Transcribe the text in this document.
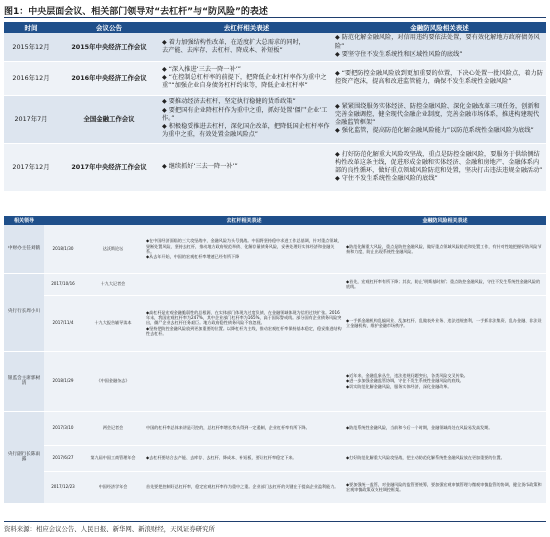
图1：中央层面会议、相关部门领导对“去杠杆”与“防风险”的表述
时间	会议公告	去杠杆相关表述	金融防风险相关表述
2015年12月	2015年中央经济工作会议	◆ 着力加强结构性改革，在适度扩大总需求的同时，
去产能、去库存、去杠杆、降成本、补短板”	◆ 防范化解金融风险，对信用违约要依法处置，要有效化解地方政府债务风险”
◆ 要坚守住不发生系统性和区域性风险的底线”
2016年12月	2016年中央经济工作会议	◆ “深入推进‘三去一降一补’”
◆ “在控制总杠杆率的前提下，把降低企业杠杆率作为重中之重”“加强企业自身债务杠杆约束等，降低企业杠杆率”	◆ “要把防控金融风险放到更加重要的位置，下决心处置一批风险点，着力防控资产泡沫，提高和改进监管能力，确保不发生系统性金融风险”
2017年7月	全国金融工作会议	◆ 要推动经济去杠杆，坚定执行稳健的货币政策”
◆ 要把国有企业降杠杆作为重中之重，抓好处置‘僵尸企业’工作。”
◆ 积极稳妥推进去杠杆，深化国企改革，把降低国企杠杆率作为重中之重，有效处置金融风险点”	◆ 紧紧围绕服务实体经济、防控金融风险、深化金融改革三项任务，创新和完善金融调控，健全现代金融企业制度，完善金融市场体系，推进构建现代金融监管框架”
◆ 强化监管，提高防范化解金融风险能力”以防范系统性金融风险为底线”
2017年12月	2017年中央经济工作会议	◆ 继续抓好‘三去一降一补’”	◆ 打好防范化解重大风险攻坚战，重点是防控金融风险，要服务于供给侧结构性改革这条主线，促进形成金融和实体经济、金融和房地产、金融体系内部的良性循环，做好重点领域风险防范和处置，坚决打击违法违规金融活动”
◆ 守住不发生系统性金融风险的底线”
相关领导			去杠杆相关表述	金融防风险相关表述
中财办主任刘鹤	2018/1/30	达沃斯论坛	◆在中国经济面临的三大攻坚战中，金融风险为头号挑战。中国将坚持稳中求进工作总基调，针对重点领域，果断处置风险，坚持去杠杆，推动地方政府规范举债、化解存量债务风险，妥善处理好实体经济和金融关系。
◆从去年开始，中国的宏观杠杆率增速已经有所下降	◆防范化解重大风险，重点是防控金融风险，做好重点领域风险防范和处置工作，有针对性地把握好防风险节奏和力度，防止出现系统性金融风险。
央行行长周小川	2017/10/16	十九大记者会		◆首先，宏观杠杆率有所下降；其次，防止‘明斯基时刻’；重点防控金融风险，守住不发生系统性金融风险的底线。
	2017/11/4	十九大报告辅导读本	◆高杠杆是宏观金融脆弱性的总根源，在实体部门体现为过度负债，在金融领域体现为信用过快扩张。2016年末，我国宏观杠杆率为247%，其中企业部门杠杆率为165%，高于国际警戒线。部分国有企业债务风险突出，僵尸企业去杠杆任务艰巨。地方政府隐性债务风险不容忽视。
◆坚持把防控金融风险放到更加重要的位置。以降杠杆为主线，推动宏观杠杆率保持基本稳定，稳妥推进结构性去杠杆。	◆一手抓金融机构乱搞同业、乱加杠杆、乱做表外业务、违法违规套利，一手抓非法集资、乱办金融、非法设立金融机构，维护金融市场秩序。
银监会主席郭树清	2018/1/29	《中国金融杂志》		◆近年来，金融乱象丛生，违法违规问题突出，各类风险交叉传染。
◆进一步加强金融监管协调，守住不发生系统性金融风险的底线。
◆切实防范化解金融风险，服务实体经济，深化金融改革。
央行副行长陈雨露	2017/3/10	两会记者会	中国的杠杆率总体来讲是可控的，总杠杆率增长势头得到一定遏制，企业杠杆率有所下降。	◆防范系统性金融风险，当前和今后一个时期，金融领域尚处在风险易发高发期。
	2017/6/27	第九届中国工商管理年会	◆去杠杆要结合去产能、去库存、去杠杆、降成本、补短板，要让杠杆率稳定下来。	◆打好防范化解重大风险攻坚战，把主动防范化解系统性金融风险放在更加重要的位置。
	2017/12/23	中国经济学年会	首先要把控制好总杠杆率，稳定宏观杠杆率作为重中之重。企业部门去杠杆的关键在于提高企业盈利能力。	◆要加强统一监管，对金融风险的监管要统筹，要加强宏观审慎管理与微观审慎监管的协调，健全货币政策和宏观审慎政策双支柱调控框架。
资料来源：相应会议公告、人民日报、新华网、新浪财经，天风证券研究所
